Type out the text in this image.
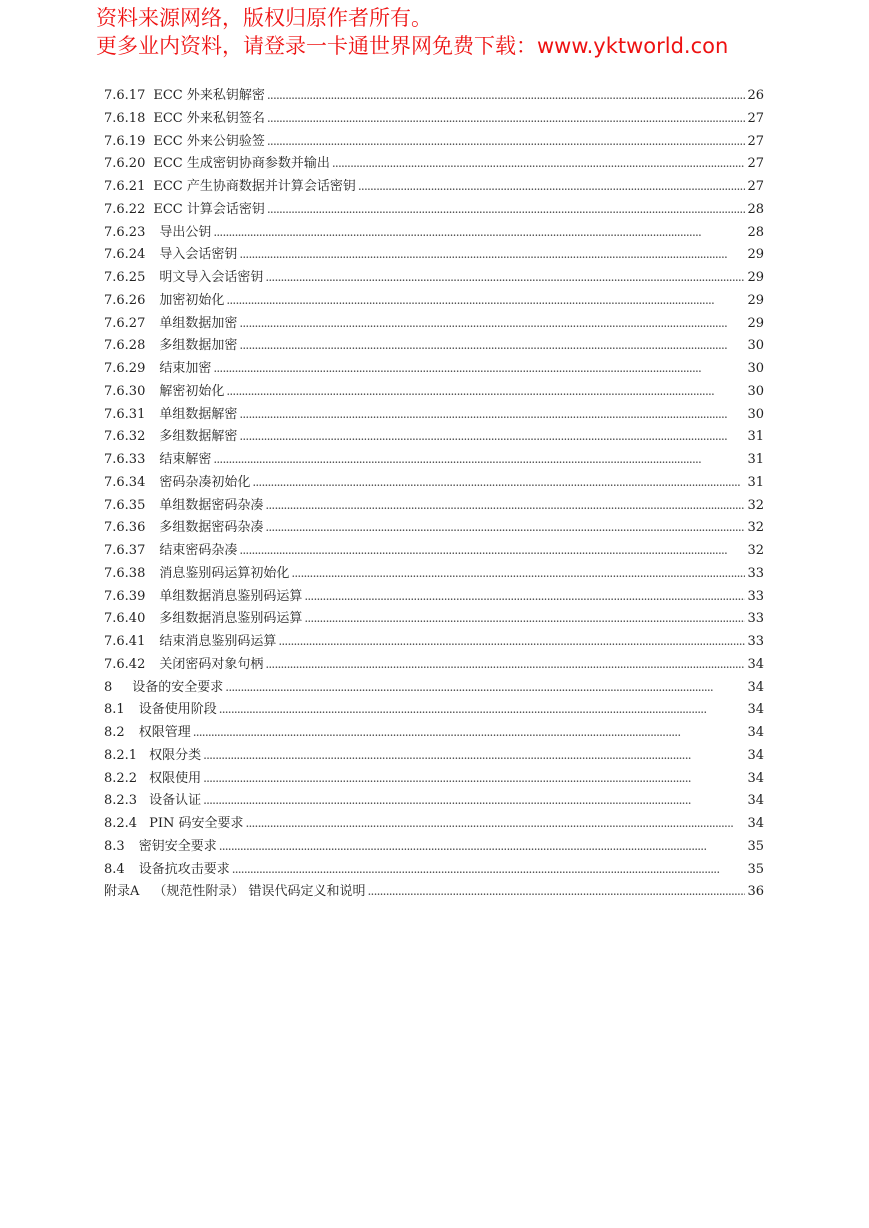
资料来源网络，版权归原作者所有。
更多业内资料，请登录一卡通世界网免费下载：www.yktworld.con
7.6.17 ECC 外来私钥解密 . . .	26
7.6.18 ECC 外来私钥签名 . . .	27
7.6.19 ECC 外来公钥验签 . . .	27
7.6.20 ECC 生成密钥协商参数并输出 . . .	27
7.6.21 ECC 产生协商数据并计算会话密钥 . . .	27
7.6.22 ECC 计算会话密钥 . . .	28
7.6.23 导出公钥 . . .	28
7.6.24 导入会话密钥 . . .	29
7.6.25 明文导入会话密钥 . . .	29
7.6.26 加密初始化 . . .	29
7.6.27 单组数据加密 . . .	29
7.6.28 多组数据加密 . . .	30
7.6.29 结束加密 . . .	30
7.6.30 解密初始化 . . .	30
7.6.31 单组数据解密 . . .	30
7.6.32 多组数据解密 . . .	31
7.6.33 结束解密 . . .	31
7.6.34 密码杂凑初始化 . . .	31
7.6.35 单组数据密码杂凑 . . .	32
7.6.36 多组数据密码杂凑 . . .	32
7.6.37 结束密码杂凑 . . .	32
7.6.38 消息鉴别码运算初始化 . . .	33
7.6.39 单组数据消息鉴别码运算 . . .	33
7.6.40 多组数据消息鉴别码运算 . . .	33
7.6.41 结束消息鉴别码运算 . . .	33
7.6.42 关闭密码对象句柄 . . .	34
8 设备的安全要求 . . .	34
8.1 设备使用阶段 . . .	34
8.2 权限管理 . . .	34
8.2.1 权限分类 . . .	34
8.2.2 权限使用 . . .	34
8.2.3 设备认证 . . .	34
8.2.4 PIN 码安全要求 . . .	34
8.3 密钥安全要求 . . .	35
8.4 设备抗攻击要求 . . .	35
附录A （规范性附录） 错误代码定义和说明 . . .	36
